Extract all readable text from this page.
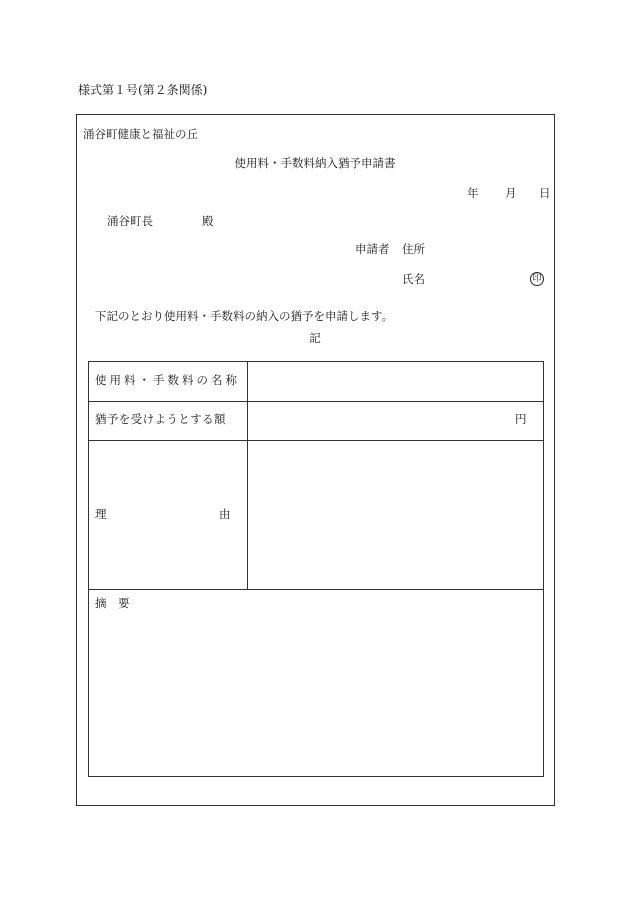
様式第１号(第２条関係)
涌谷町健康と福祉の丘
使用料・手数料納入猶予申請書
年 月 日
涌谷町長	殿
申請者 住所
氏名	印
下記のとおり使用料・手数料の納入の猶予を申請します。
記
使用料・手数料の名称
猶予を受けようとする額	円
理	由
摘 要
